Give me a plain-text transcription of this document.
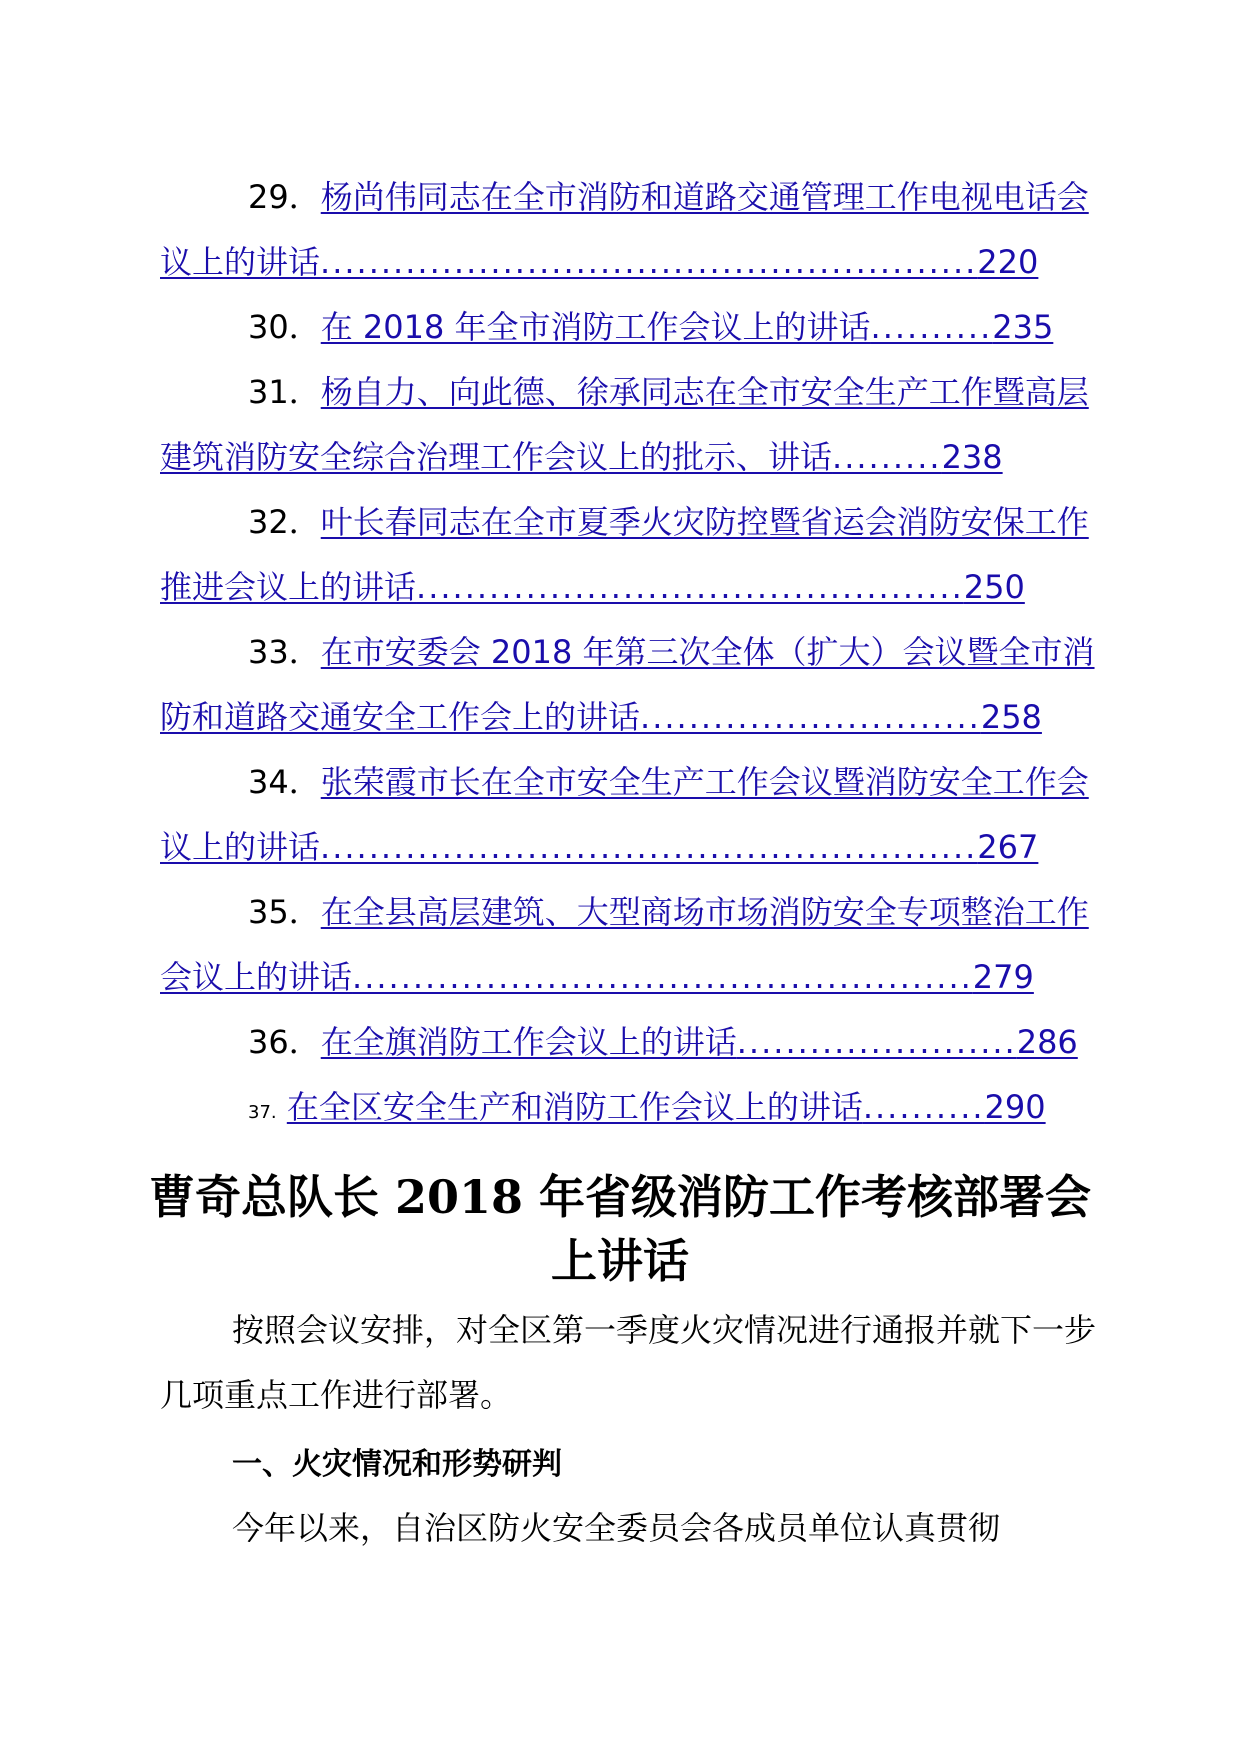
29．杨尚伟同志在全市消防和道路交通管理工作电视电话会
议上的讲话......................................................220
30．在 2018 年全市消防工作会议上的讲话..........235
31．杨自力、向此德、徐承同志在全市安全生产工作暨高层
建筑消防安全综合治理工作会议上的批示、讲话.........238
32．叶长春同志在全市夏季火灾防控暨省运会消防安保工作
推进会议上的讲话.............................................250
33．在市安委会 2018 年第三次全体（扩大）会议暨全市消
防和道路交通安全工作会上的讲话............................258
34．张荣霞市长在全市安全生产工作会议暨消防安全工作会
议上的讲话......................................................267
35．在全县高层建筑、大型商场市场消防安全专项整治工作
会议上的讲话...................................................279
36．在全旗消防工作会议上的讲话.......................286
37. 在全区安全生产和消防工作会议上的讲话..........290
曹奇总队长 2018 年省级消防工作考核部署会
上讲话
按照会议安排，对全区第一季度火灾情况进行通报并就下一步几项重点工作进行部署。
一、火灾情况和形势研判
今年以来，自治区防火安全委员会各成员单位认真贯彻
